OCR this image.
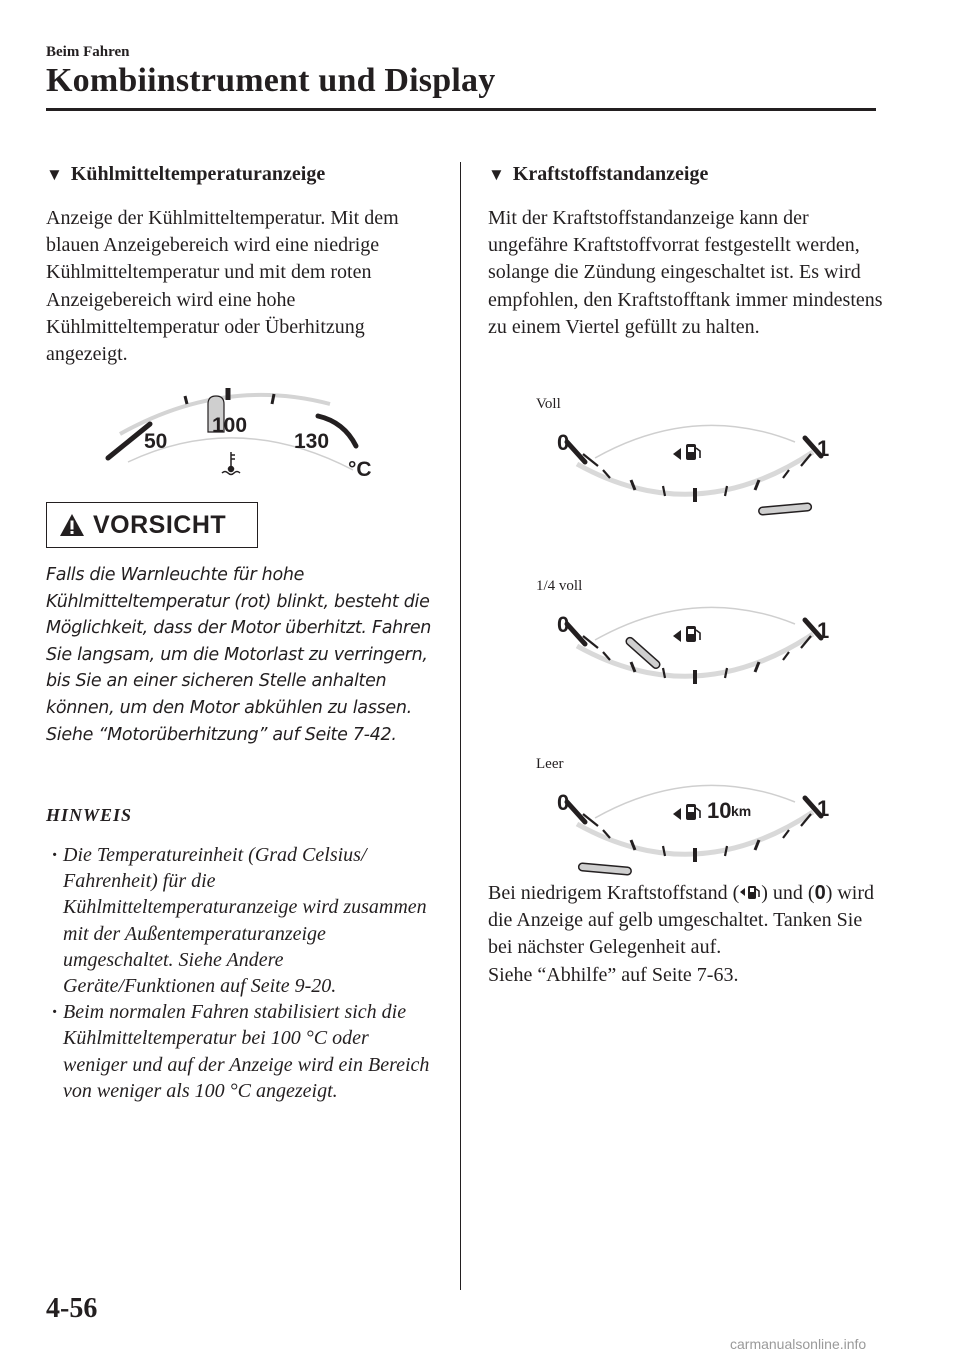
Beim Fahren
Kombiinstrument und Display
▼ Kühlmitteltemperaturanzeige
Anzeige der Kühlmitteltemperatur. Mit dem blauen Anzeigebereich wird eine niedrige Kühlmitteltemperatur und mit dem roten Anzeigebereich wird eine hohe Kühlmitteltemperatur oder Überhitzung angezeigt.
50
100
130
°C
VORSICHT
Falls die Warnleuchte für hohe Kühlmitteltemperatur (rot) blinkt, besteht die Möglichkeit, dass der Motor überhitzt. Fahren Sie langsam, um die Motorlast zu verringern, bis Sie an einer sicheren Stelle anhalten können, um den Motor abkühlen zu lassen.
Siehe “Motorüberhitzung” auf Seite 7-42.
HINWEIS
· Die Temperatureinheit (Grad Celsius/ Fahrenheit) für die Kühlmitteltemperaturanzeige wird zusammen mit der Außentemperaturanzeige umgeschaltet. Siehe Andere Geräte/Funktionen auf Seite 9-20.
· Beim normalen Fahren stabilisiert sich die Kühlmitteltemperatur bei 100 °C oder weniger und auf der Anzeige wird ein Bereich von weniger als 100 °C angezeigt.
▼ Kraftstoffstandanzeige
Mit der Kraftstoffstandanzeige kann der ungefähre Kraftstoffvorrat festgestellt werden, solange die Zündung eingeschaltet ist. Es wird empfohlen, den Kraftstofftank immer mindestens zu einem Viertel gefüllt zu halten.
Voll
0	1
1/4 voll
0	1
Leer
0	1
10 km
Bei niedrigem Kraftstoffstand ( ) und (0) wird die Anzeige auf gelb umgeschaltet. Tanken Sie bei nächster Gelegenheit auf.
Siehe “Abhilfe” auf Seite 7-63.
4-56
carmanualsonline.info
